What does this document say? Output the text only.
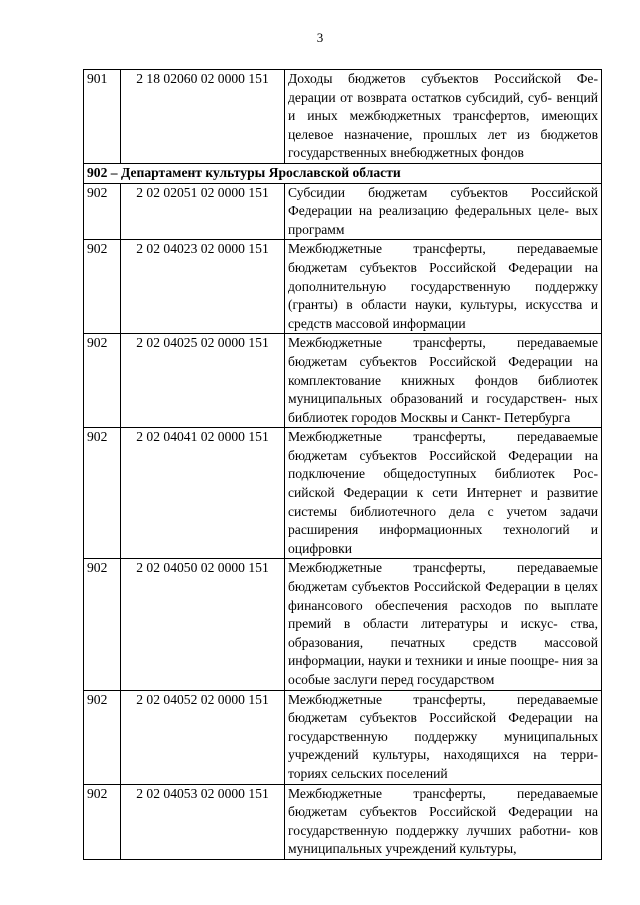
3
901	2 18 02060 02 0000 151	Доходы бюджетов субъектов Российской Фе- дерации от возврата остатков субсидий, суб- венций и иных межбюджетных трансфертов, имеющих целевое назначение, прошлых лет из бюджетов государственных внебюджетных фондов
902 – Департамент культуры Ярославской области		
902	2 02 02051 02 0000 151	Субсидии бюджетам субъектов Российской Федерации на реализацию федеральных целе- вых программ
902	2 02 04023 02 0000 151	Межбюджетные трансферты, передаваемые бюджетам субъектов Российской Федерации на дополнительную государственную поддержку (гранты) в области науки, культуры, искусства и средств массовой информации
902	2 02 04025 02 0000 151	Межбюджетные трансферты, передаваемые бюджетам субъектов Российской Федерации на комплектование книжных фондов библиотек муниципальных образований и государствен- ных библиотек городов Москвы и Санкт- Петербурга
902	2 02 04041 02 0000 151	Межбюджетные трансферты, передаваемые бюджетам субъектов Российской Федерации на подключение общедоступных библиотек Рос- сийской Федерации к сети Интернет и развитие системы библиотечного дела с учетом задачи расширения информационных технологий и оцифровки
902	2 02 04050 02 0000 151	Межбюджетные трансферты, передаваемые бюджетам субъектов Российской Федерации в целях финансового обеспечения расходов по выплате премий в области литературы и искус- ства, образования, печатных средств массовой информации, науки и техники и иные поощре- ния за особые заслуги перед государством
902	2 02 04052 02 0000 151	Межбюджетные трансферты, передаваемые бюджетам субъектов Российской Федерации на государственную поддержку муниципальных учреждений культуры, находящихся на терри- ториях сельских поселений
902	2 02 04053 02 0000 151	Межбюджетные трансферты, передаваемые бюджетам субъектов Российской Федерации на государственную поддержку лучших работни- ков муниципальных учреждений культуры,
